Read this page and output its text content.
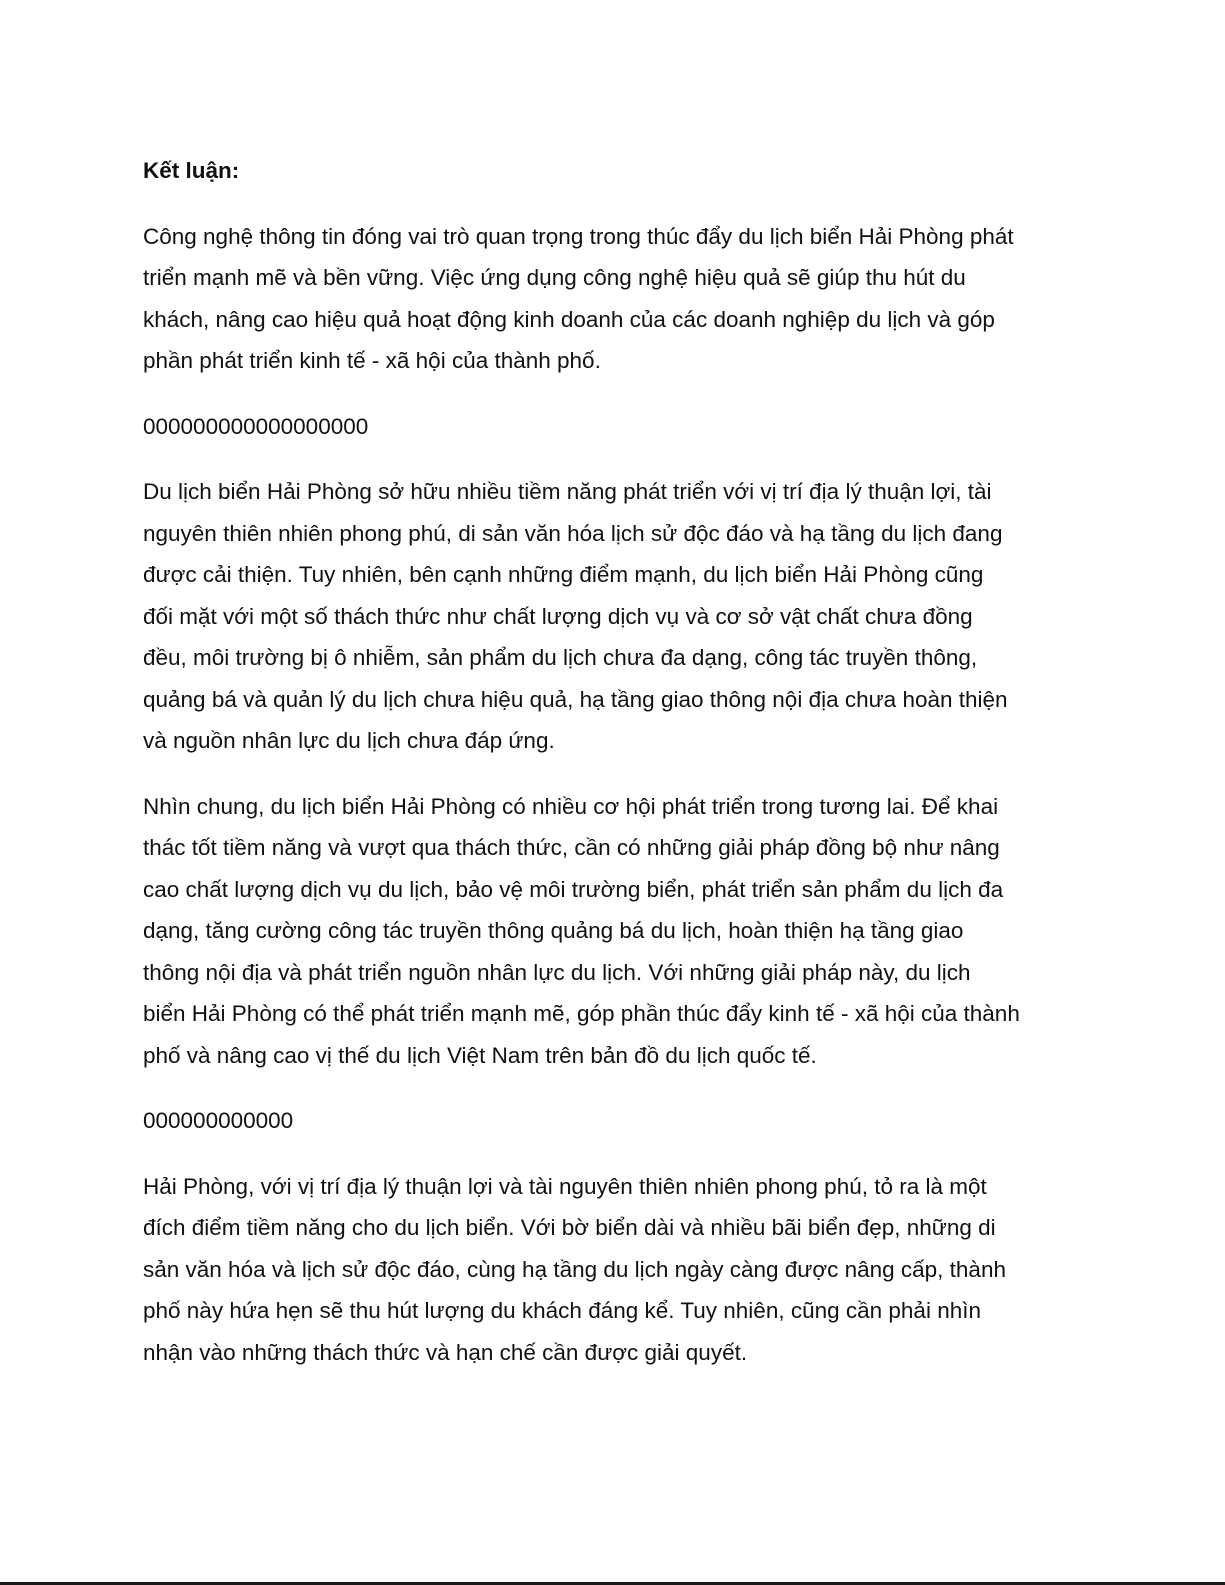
Kết luận:
Công nghệ thông tin đóng vai trò quan trọng trong thúc đẩy du lịch biển Hải Phòng phát
triển mạnh mẽ và bền vững. Việc ứng dụng công nghệ hiệu quả sẽ giúp thu hút du
khách, nâng cao hiệu quả hoạt động kinh doanh của các doanh nghiệp du lịch và góp
phần phát triển kinh tế - xã hội của thành phố.
000000000000000000
Du lịch biển Hải Phòng sở hữu nhiều tiềm năng phát triển với vị trí địa lý thuận lợi, tài
nguyên thiên nhiên phong phú, di sản văn hóa lịch sử độc đáo và hạ tầng du lịch đang
được cải thiện. Tuy nhiên, bên cạnh những điểm mạnh, du lịch biển Hải Phòng cũng
đối mặt với một số thách thức như chất lượng dịch vụ và cơ sở vật chất chưa đồng
đều, môi trường bị ô nhiễm, sản phẩm du lịch chưa đa dạng, công tác truyền thông,
quảng bá và quản lý du lịch chưa hiệu quả, hạ tầng giao thông nội địa chưa hoàn thiện
và nguồn nhân lực du lịch chưa đáp ứng.
Nhìn chung, du lịch biển Hải Phòng có nhiều cơ hội phát triển trong tương lai. Để khai
thác tốt tiềm năng và vượt qua thách thức, cần có những giải pháp đồng bộ như nâng
cao chất lượng dịch vụ du lịch, bảo vệ môi trường biển, phát triển sản phẩm du lịch đa
dạng, tăng cường công tác truyền thông quảng bá du lịch, hoàn thiện hạ tầng giao
thông nội địa và phát triển nguồn nhân lực du lịch. Với những giải pháp này, du lịch
biển Hải Phòng có thể phát triển mạnh mẽ, góp phần thúc đẩy kinh tế - xã hội của thành
phố và nâng cao vị thế du lịch Việt Nam trên bản đồ du lịch quốc tế.
000000000000
Hải Phòng, với vị trí địa lý thuận lợi và tài nguyên thiên nhiên phong phú, tỏ ra là một
đích điểm tiềm năng cho du lịch biển. Với bờ biển dài và nhiều bãi biển đẹp, những di
sản văn hóa và lịch sử độc đáo, cùng hạ tầng du lịch ngày càng được nâng cấp, thành
phố này hứa hẹn sẽ thu hút lượng du khách đáng kể. Tuy nhiên, cũng cần phải nhìn
nhận vào những thách thức và hạn chế cần được giải quyết.
